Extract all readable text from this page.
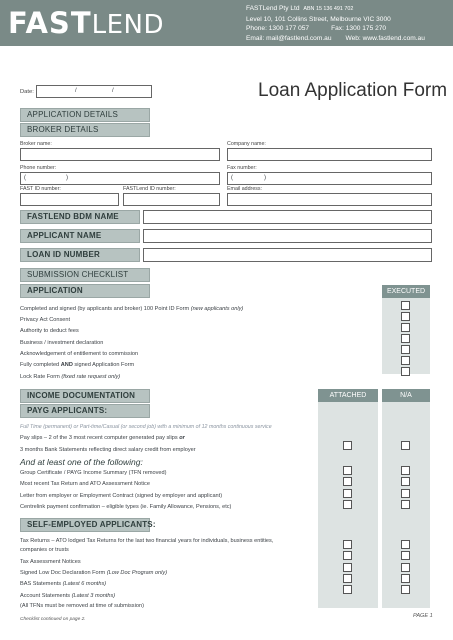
FASTLEND
FASTLend Pty Ltd ABN 15 136 491 702
Level 10, 101 Collins Street, Melbourne VIC 3000
Phone: 1300 177 057	Fax: 1300 175 270
Email: mail@fastlend.com.au Web: www.fastlend.com.au
Date:	/	/	Loan Application Form
APPLICATION DETAILS
BROKER DETAILS
Broker name:	Company name:
Phone number:
(	)
Fax number:
(	)
FAST ID number:	FASTLend ID number:	Email address:
FASTLEND BDM NAME
APPLICANT NAME
LOAN ID NUMBER
SUBMISSION CHECKLIST
APPLICATION	EXECUTED
Completed and signed (by applicants and broker) 100 Point ID Form (new applicants only)
Privacy Act Consent
Authority to deduct fees
Business / investment declaration
Acknowledgement of entitlement to commission
Fully completed AND signed Application Form
Lock Rate Form (fixed rate request only)
INCOME DOCUMENTATION
PAYG APPLICANTS:
ATTACHED	N/A
Full Time (permanent) or Part-time/Casual (or second job) with a minimum of 12 months continuous service
Pay slips – 2 of the 3 most recent computer generated pay slips or
3 months Bank Statements reflecting direct salary credit from employer
And at least one of the following:
Group Certificate / PAYG Income Summary (TFN removed)
Most recent Tax Return and ATO Assessment Notice
Letter from employer or Employment Contract (signed by employer and applicant)
Centrelink payment confirmation – eligible types (ie. Family Allowance, Pensions, etc)
SELF-EMPLOYED APPLICANTS:
Tax Returns – ATO lodged Tax Returns for the last two financial years for individuals, business entities,
companies or trusts
Tax Assessment Notices
Signed Low Doc Declaration Form (Low Doc Program only)
BAS Statements (Latest 6 months)
Account Statements (Latest 3 months)
(All TFNs must be removed at time of submission)
Checklist continued on page 2.
PAGE 1
